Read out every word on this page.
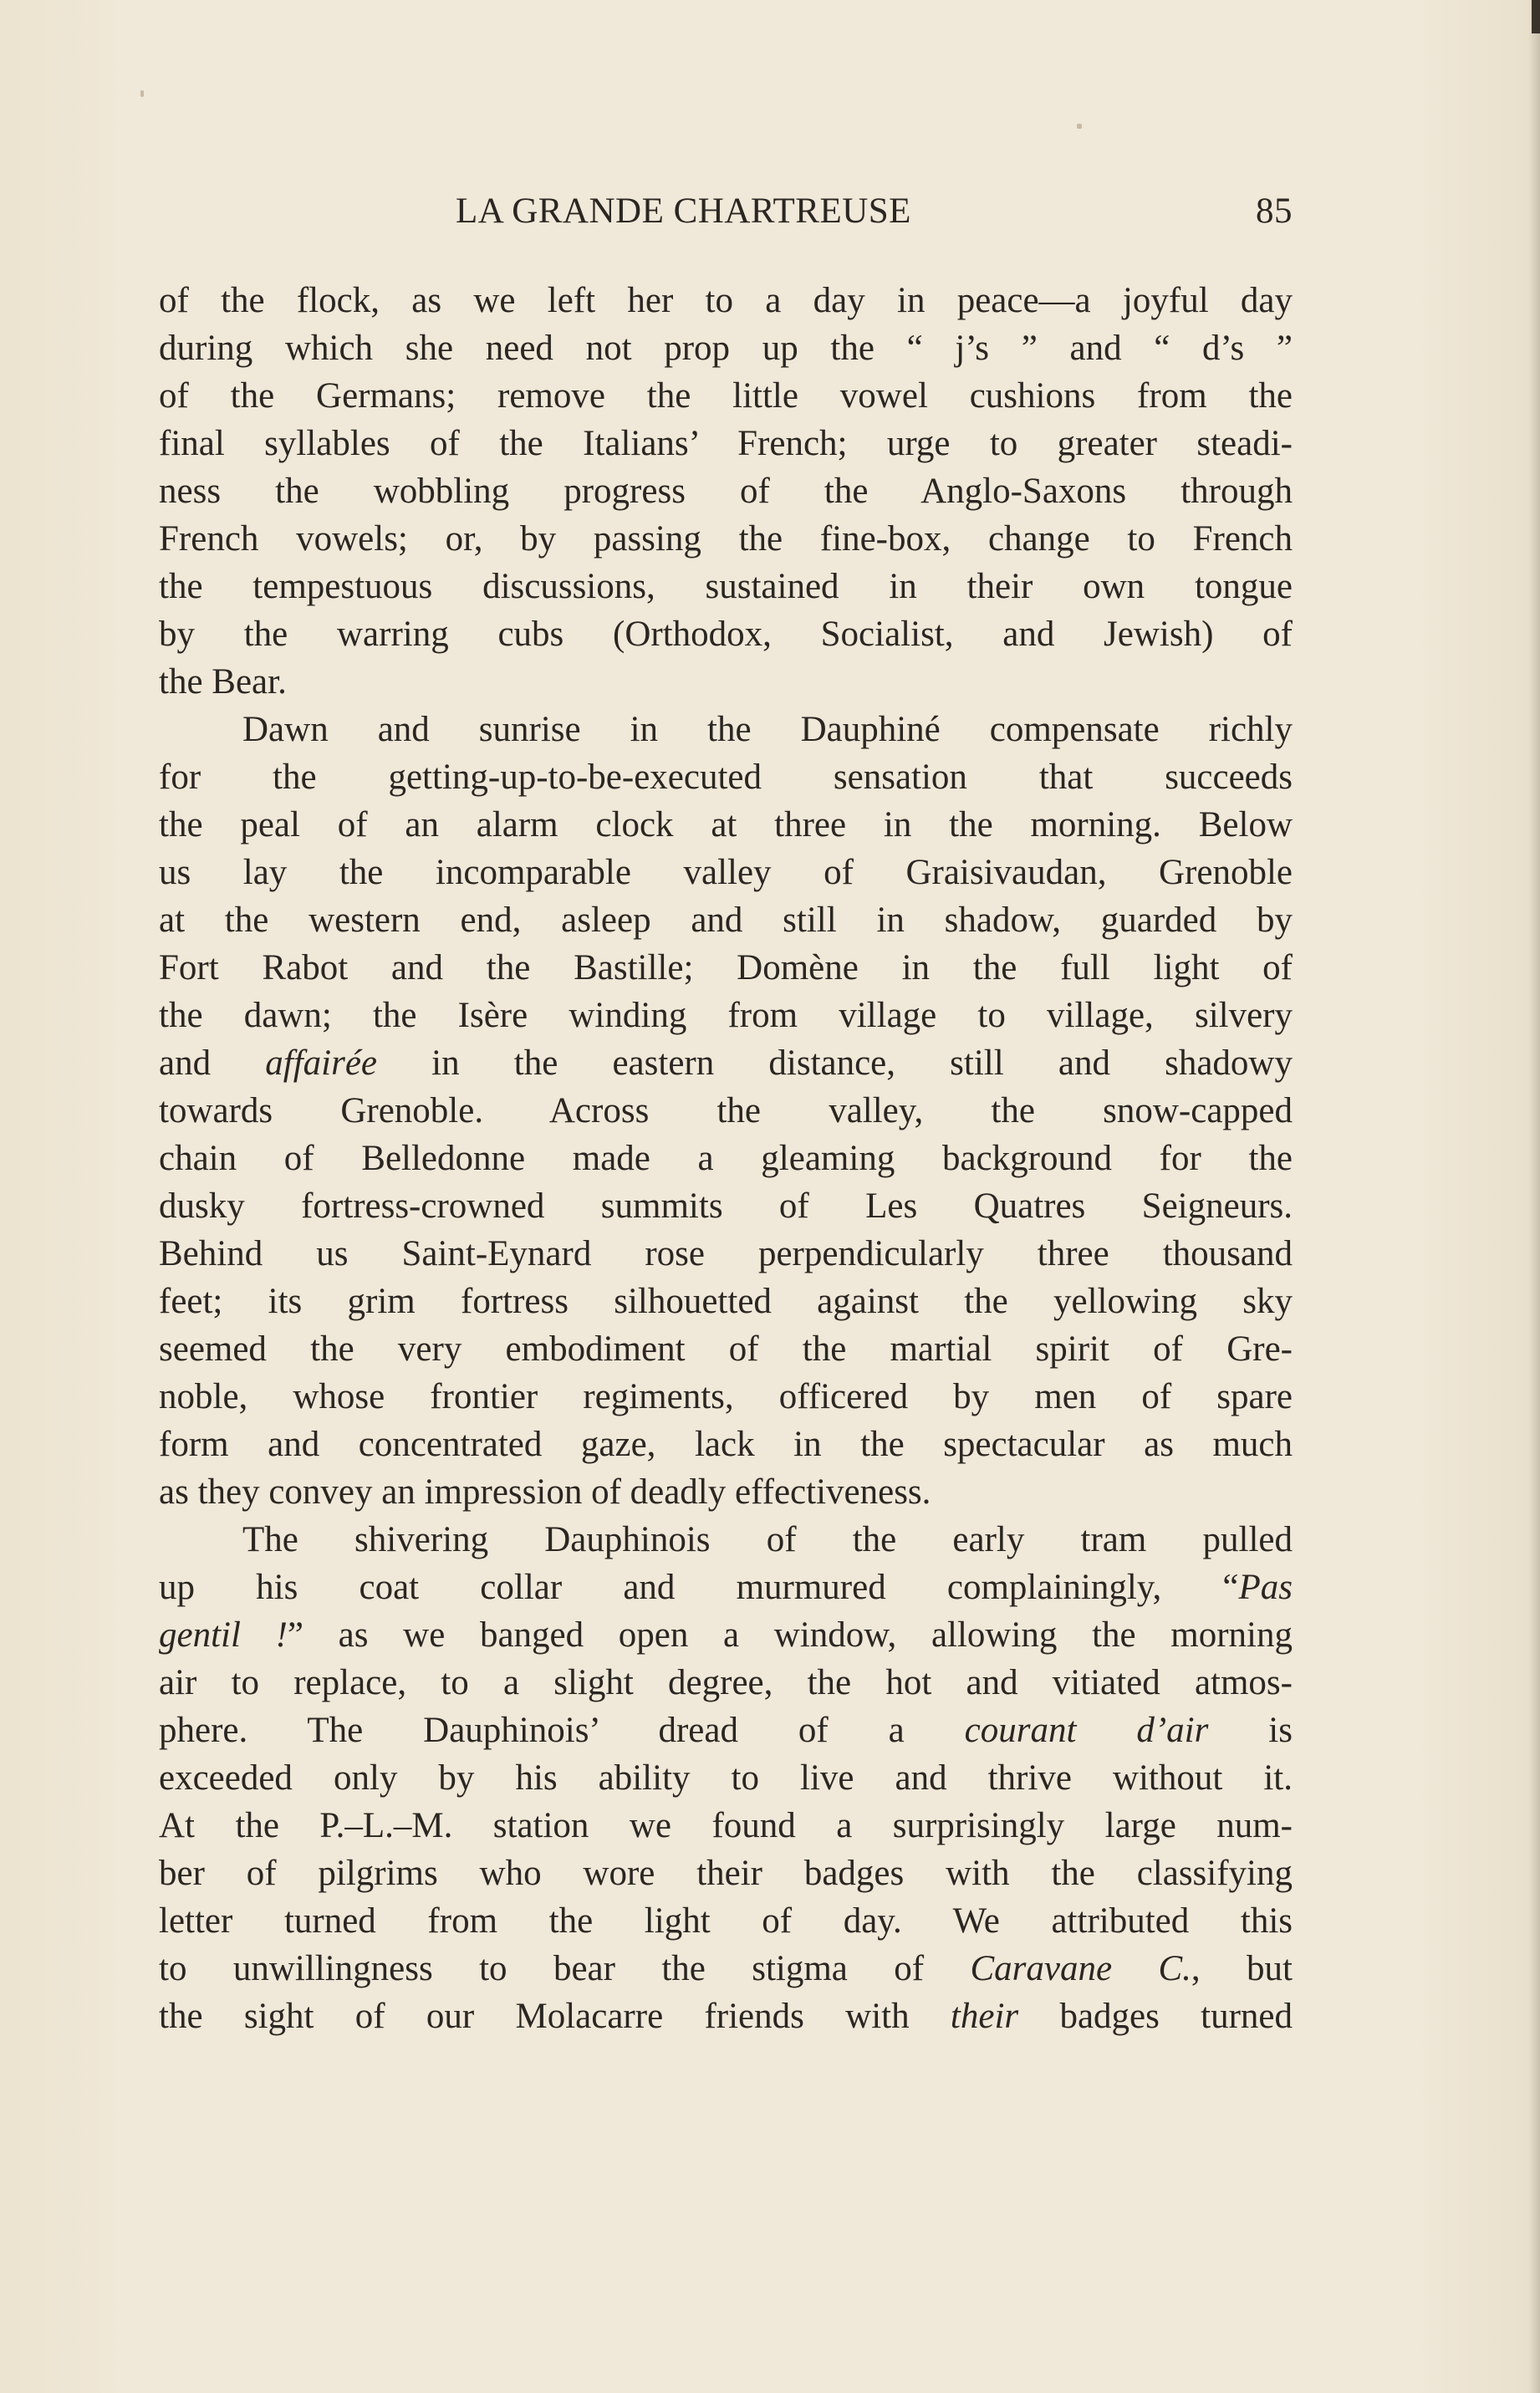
LA GRANDE CHARTREUSE	85
of the flock, as we left her to a day in peace—a joyful day
during which she need not prop up the “ j’s ” and “ d’s ”
of the Germans; remove the little vowel cushions from the
final syllables of the Italians’ French; urge to greater steadi-
ness the wobbling progress of the Anglo-Saxons through
French vowels; or, by passing the fine-box, change to French
the tempestuous discussions, sustained in their own tongue
by the warring cubs (Orthodox, Socialist, and Jewish) of
the Bear.
Dawn and sunrise in the Dauphiné compensate richly
for the getting-up-to-be-executed sensation that succeeds
the peal of an alarm clock at three in the morning. Below
us lay the incomparable valley of Graisivaudan, Grenoble
at the western end, asleep and still in shadow, guarded by
Fort Rabot and the Bastille; Domène in the full light of
the dawn; the Isère winding from village to village, silvery
and affairée in the eastern distance, still and shadowy
towards Grenoble. Across the valley, the snow-capped
chain of Belledonne made a gleaming background for the
dusky fortress-crowned summits of Les Quatres Seigneurs.
Behind us Saint-Eynard rose perpendicularly three thousand
feet; its grim fortress silhouetted against the yellowing sky
seemed the very embodiment of the martial spirit of Gre-
noble, whose frontier regiments, officered by men of spare
form and concentrated gaze, lack in the spectacular as much
as they convey an impression of deadly effectiveness.
The shivering Dauphinois of the early tram pulled
up his coat collar and murmured complainingly, “Pas
gentil !” as we banged open a window, allowing the morning
air to replace, to a slight degree, the hot and vitiated atmos-
phere. The Dauphinois’ dread of a courant d’air is
exceeded only by his ability to live and thrive without it.
At the P.–L.–M. station we found a surprisingly large num-
ber of pilgrims who wore their badges with the classifying
letter turned from the light of day. We attributed this
to unwillingness to bear the stigma of Caravane C., but
the sight of our Molacarre friends with their badges turned
